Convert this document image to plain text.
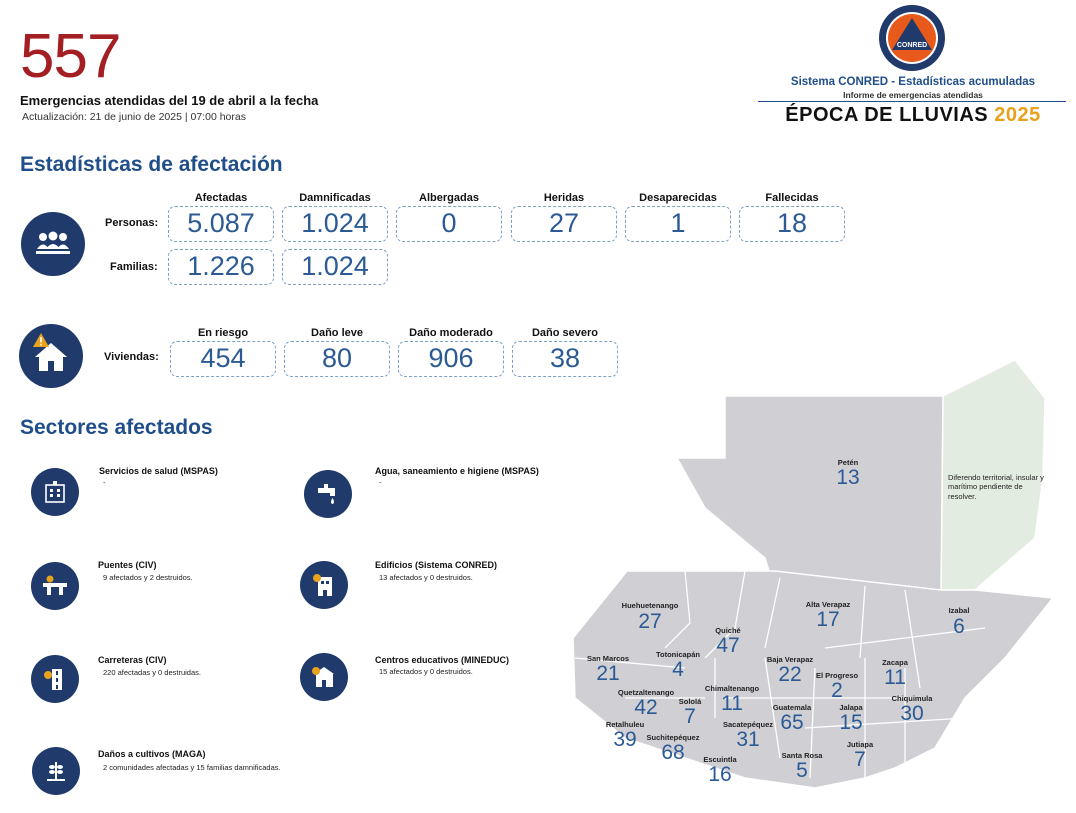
557
Emergencias atendidas del 19 de abril a la fecha
Actualización: 21 de junio de 2025 | 07:00 horas
CONRED
Sistema CONRED - Estadísticas acumuladas
Informe de emergencias atendidas
ÉPOCA DE LLUVIAS 2025
Estadísticas de afectación
Afectadas	Damnificadas	Albergadas	Heridas	Desaparecidas	Fallecidas
Personas:	5.087	1.024	0	27	1	18
Familias:	1.226	1.024
En riesgo	Daño leve	Daño moderado	Daño severo
Viviendas:	454	80	906	38
Sectores afectados
Servicios de salud (MSPAS)
-
Agua, saneamiento e higiene (MSPAS)
-
Puentes (CIV)
9 afectados y 2 destruidos.
Edificios (Sistema CONRED)
13 afectados y 0 destruidos.
Carreteras (CIV)
220 afectadas y 0 destruidas.
Centros educativos (MINEDUC)
15 afectados y 0 destruidos.
Daños a cultivos (MAGA)
2 comunidades afectadas y 15 familias damnificadas.
Diferendo territorial, insular y marítimo pendiente de resolver.
Petén
13
Huehuetenango
27	Quiché
47
Alta Verapaz
17	Izabal
6
San Marcos
21
Totonicapán
4	Baja Verapaz
22
Zacapa
11
El Progreso
2
Quetzaltenango
42	Sololá
7
Chimaltenango
11	Guatemala
65
Jalapa
15
Chiquimula
30
Retalhuleu
39	Suchitepéquez
68
Sacatepéquez
31
Escuintla
16
Santa Rosa
5
Jutiapa
7
